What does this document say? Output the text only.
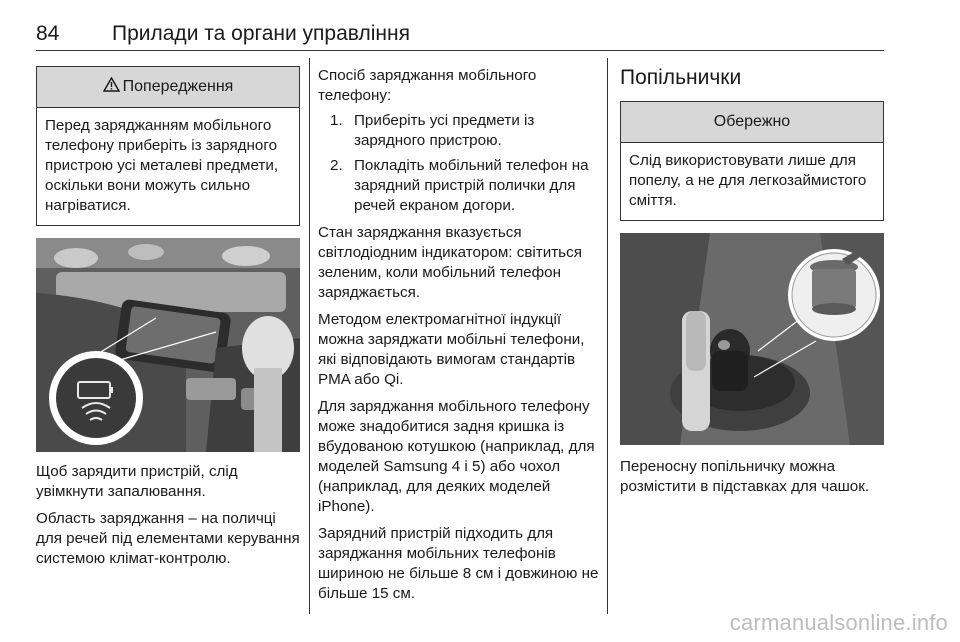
84	Прилади та органи управління
Попередження
Перед заряджанням мобільного телефону приберіть із зарядного пристрою усі металеві предмети, оскільки вони можуть сильно нагріватися.

Щоб зарядити пристрій, слід увімкнути запалювання.

Область заряджання – на поличці для речей під елементами керування системою клімат-контролю.

Спосіб заряджання мобільного телефону:

1. Приберіть усі предмети із зарядного пристрою.
2. Покладіть мобільний телефон на зарядний пристрій полички для речей екраном догори.

Стан заряджання вказується світлодіодним індикатором: світиться зеленим, коли мобільний телефон заряджається.

Методом електромагнітної індукції можна заряджати мобільні телефони, які відповідають вимогам стандартів PMA або Qi.

Для заряджання мобільного телефону може знадобитися задня кришка із вбудованою котушкою (наприклад, для моделей Samsung 4 і 5) або чохол (наприклад, для деяких моделей iPhone).

Зарядний пристрій підходить для заряджання мобільних телефонів шириною не більше 8 см і довжиною не більше 15 см.

Попільнички
Обережно
Слід використовувати лише для попелу, а не для легкозаймистого сміття.

Переносну попільничку можна розмістити в підставках для чашок.

carmanualsonline.info
